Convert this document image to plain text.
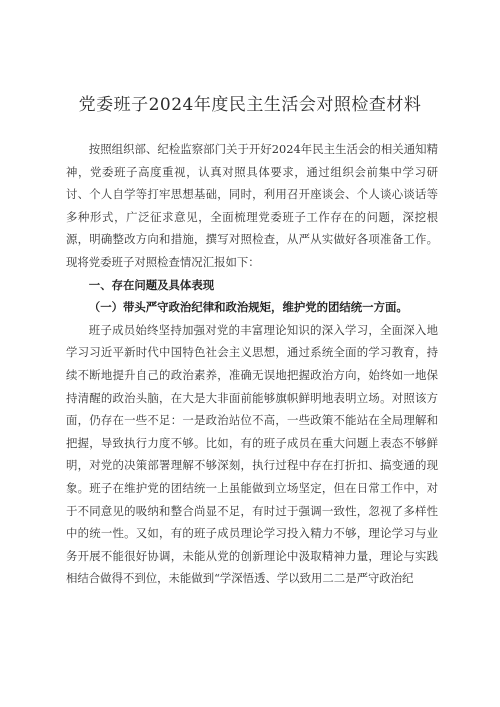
党委班子2024年度民主生活会对照检查材料

按照组织部、纪检监察部门关于开好2024年民主生活会的相关通知精神，党委班子高度重视，认真对照具体要求，通过组织会前集中学习研讨、个人自学等打牢思想基础，同时，利用召开座谈会、个人谈心谈话等多种形式，广泛征求意见，全面梳理党委班子工作存在的问题，深挖根源，明确整改方向和措施，撰写对照检查，从严从实做好各项准备工作。现将党委班子对照检查情况汇报如下：

一、存在问题及具体表现

（一）带头严守政治纪律和政治规矩，维护党的团结统一方面。

班子成员始终坚持加强对党的丰富理论知识的深入学习，全面深入地学习习近平新时代中国特色社会主义思想，通过系统全面的学习教育，持续不断地提升自己的政治素养，准确无误地把握政治方向，始终如一地保持清醒的政治头脑，在大是大非面前能够旗帜鲜明地表明立场。对照该方面，仍存在一些不足：一是政治站位不高，一些政策不能站在全局理解和把握，导致执行力度不够。比如，有的班子成员在重大问题上表态不够鲜明，对党的决策部署理解不够深刻，执行过程中存在打折扣、搞变通的现象。班子在维护党的团结统一上虽能做到立场坚定，但在日常工作中，对于不同意见的吸纳和整合尚显不足，有时过于强调一致性，忽视了多样性中的统一性。又如，有的班子成员理论学习投入精力不够，理论学习与业务开展不能很好协调，未能从党的创新理论中汲取精神力量，理论与实践相结合做得不到位，未能做到“学深悟透、学以致用二二是严守政治纪
